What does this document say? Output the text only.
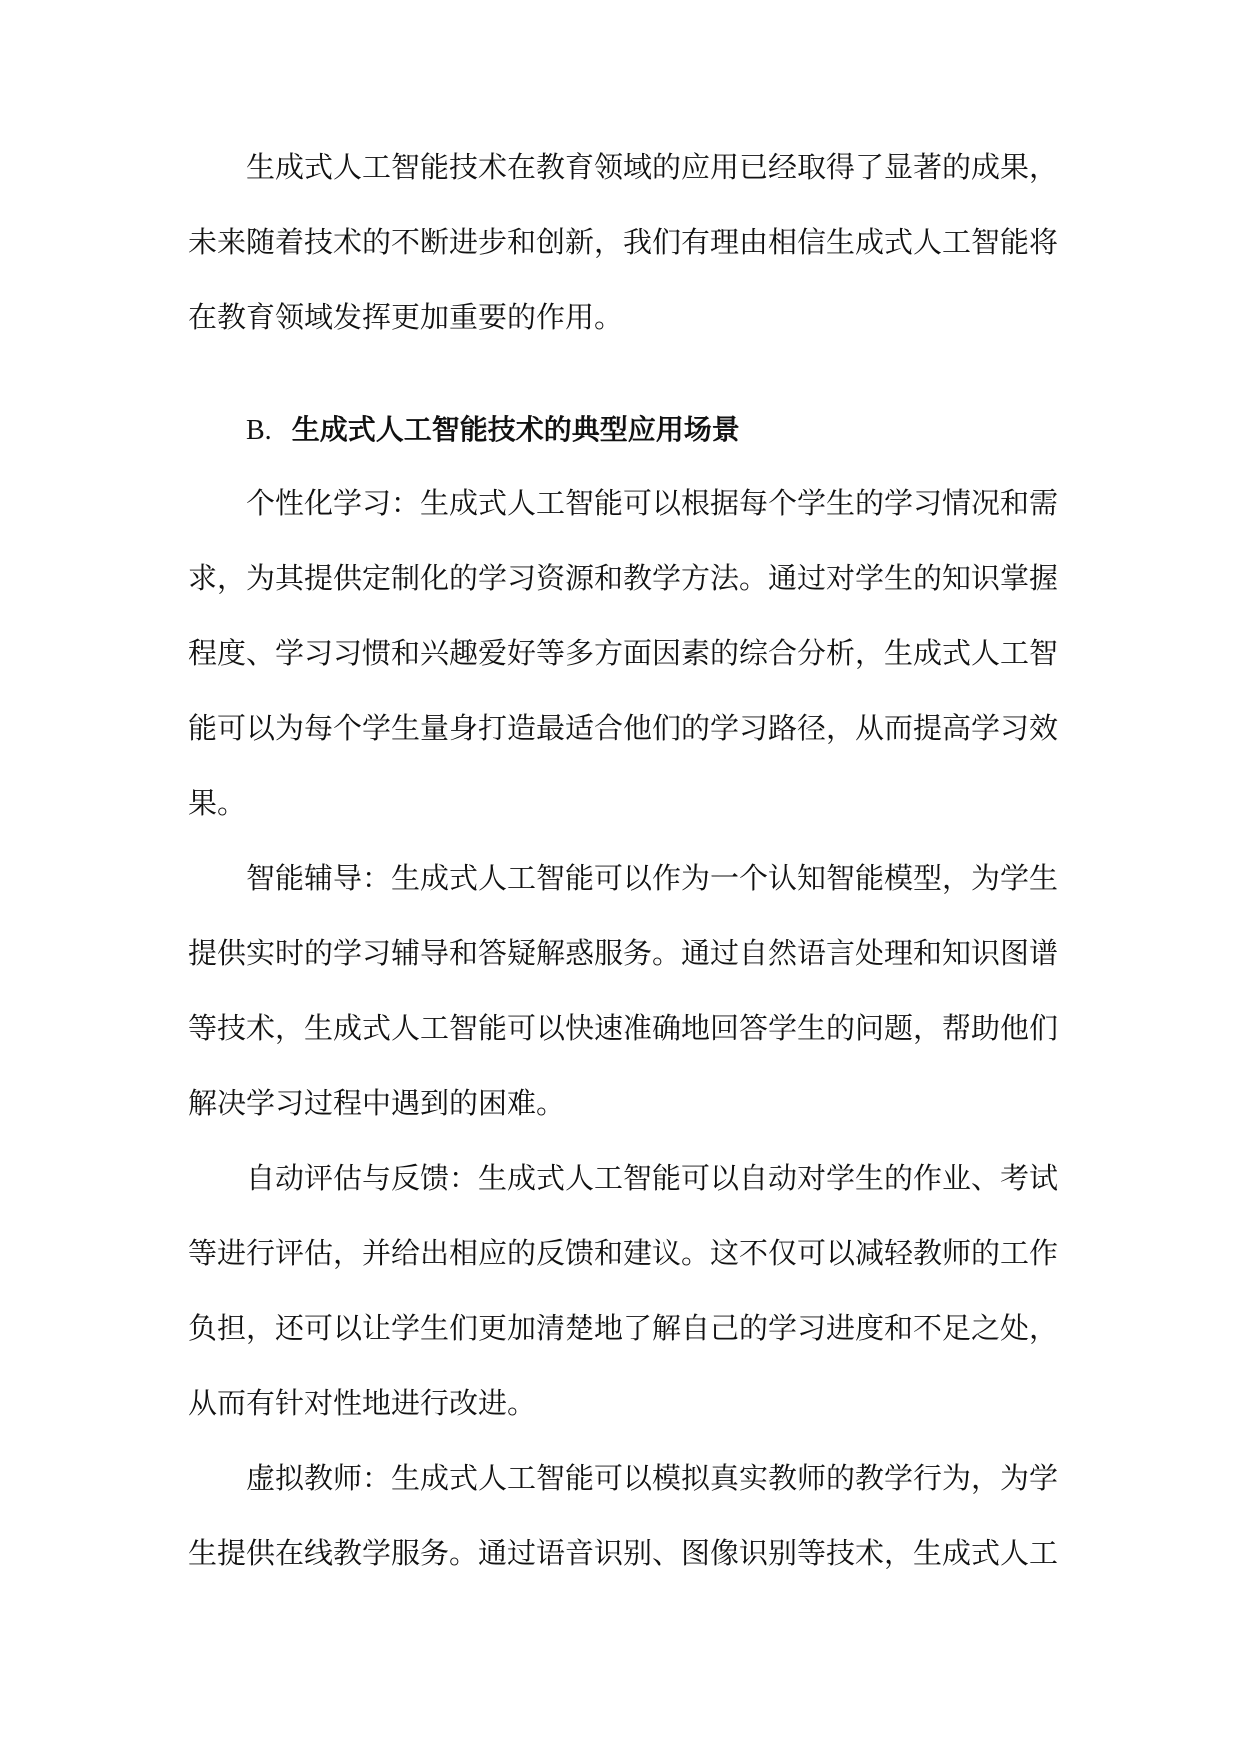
生成式人工智能技术在教育领域的应用已经取得了显著的成果，
未来随着技术的不断进步和创新，我们有理由相信生成式人工智能将
在教育领域发挥更加重要的作用。
B. 生成式人工智能技术的典型应用场景
个性化学习：生成式人工智能可以根据每个学生的学习情况和需
求，为其提供定制化的学习资源和教学方法。通过对学生的知识掌握
程度、学习习惯和兴趣爱好等多方面因素的综合分析，生成式人工智
能可以为每个学生量身打造最适合他们的学习路径，从而提高学习效
果。
智能辅导：生成式人工智能可以作为一个认知智能模型，为学生
提供实时的学习辅导和答疑解惑服务。通过自然语言处理和知识图谱
等技术，生成式人工智能可以快速准确地回答学生的问题，帮助他们
解决学习过程中遇到的困难。
自动评估与反馈：生成式人工智能可以自动对学生的作业、考试
等进行评估，并给出相应的反馈和建议。这不仅可以减轻教师的工作
负担，还可以让学生们更加清楚地了解自己的学习进度和不足之处，
从而有针对性地进行改进。
虚拟教师：生成式人工智能可以模拟真实教师的教学行为，为学
生提供在线教学服务。通过语音识别、图像识别等技术，生成式人工
